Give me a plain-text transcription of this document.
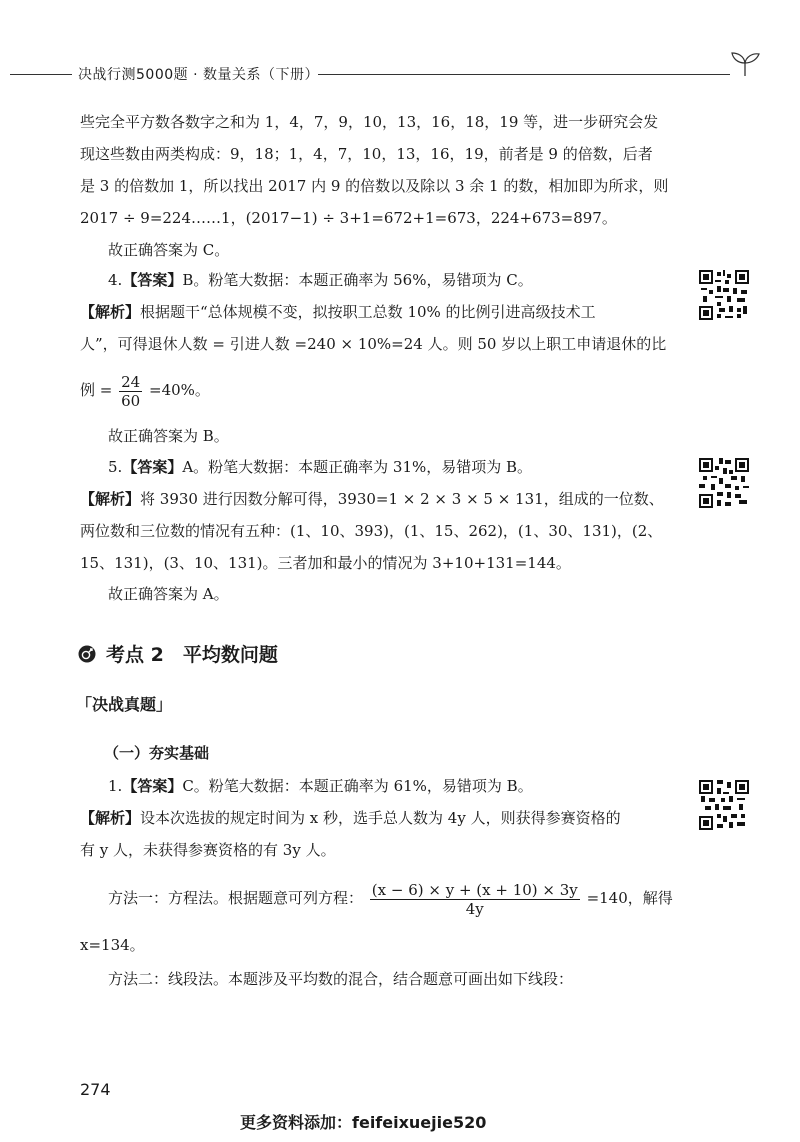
决战行测5000题 · 数量关系（下册）
些完全平方数各数字之和为 1，4，7，9，10，13，16，18，19 等，进一步研究会发
现这些数由两类构成：9，18；1，4，7，10，13，16，19，前者是 9 的倍数，后者
是 3 的倍数加 1，所以找出 2017 内 9 的倍数以及除以 3 余 1 的数，相加即为所求，则
2017 ÷ 9=224……1，(2017−1) ÷ 3+1=672+1=673，224+673=897。
故正确答案为 C。
4.【答案】B。粉笔大数据：本题正确率为 56%，易错项为 C。
【解析】根据题干“总体规模不变，拟按职工总数 10% 的比例引进高级技术工
人”，可得退休人数 = 引进人数 =240 × 10%=24 人。则 50 岁以上职工申请退休的比
例 = $\frac{24}{60} =40\%$。
故正确答案为 B。
5.【答案】A。粉笔大数据：本题正确率为 31%，易错项为 B。
【解析】将 3930 进行因数分解可得，3930=1 × 2 × 3 × 5 × 131，组成的一位数、
两位数和三位数的情况有五种：(1、10、393)，(1、15、262)，(1、30、131)，(2、
15、131)，(3、10、131)。三者加和最小的情况为 3+10+131=144。
故正确答案为 A。
考点 2　平均数问题
「决战真题」
（一）夯实基础
1.【答案】C。粉笔大数据：本题正确率为 61%，易错项为 B。
【解析】设本次选拔的规定时间为 x 秒，选手总人数为 4y 人，则获得参赛资格的
有 y 人，未获得参赛资格的有 3y 人。
方法一：方程法。根据题意可列方程： $\frac{(x - 6) \times y + (x + 10) \times 3y}{4y} =140$，解得
x=134。
方法二：线段法。本题涉及平均数的混合，结合题意可画出如下线段：
274
更多资料添加：feifeixuejie520
